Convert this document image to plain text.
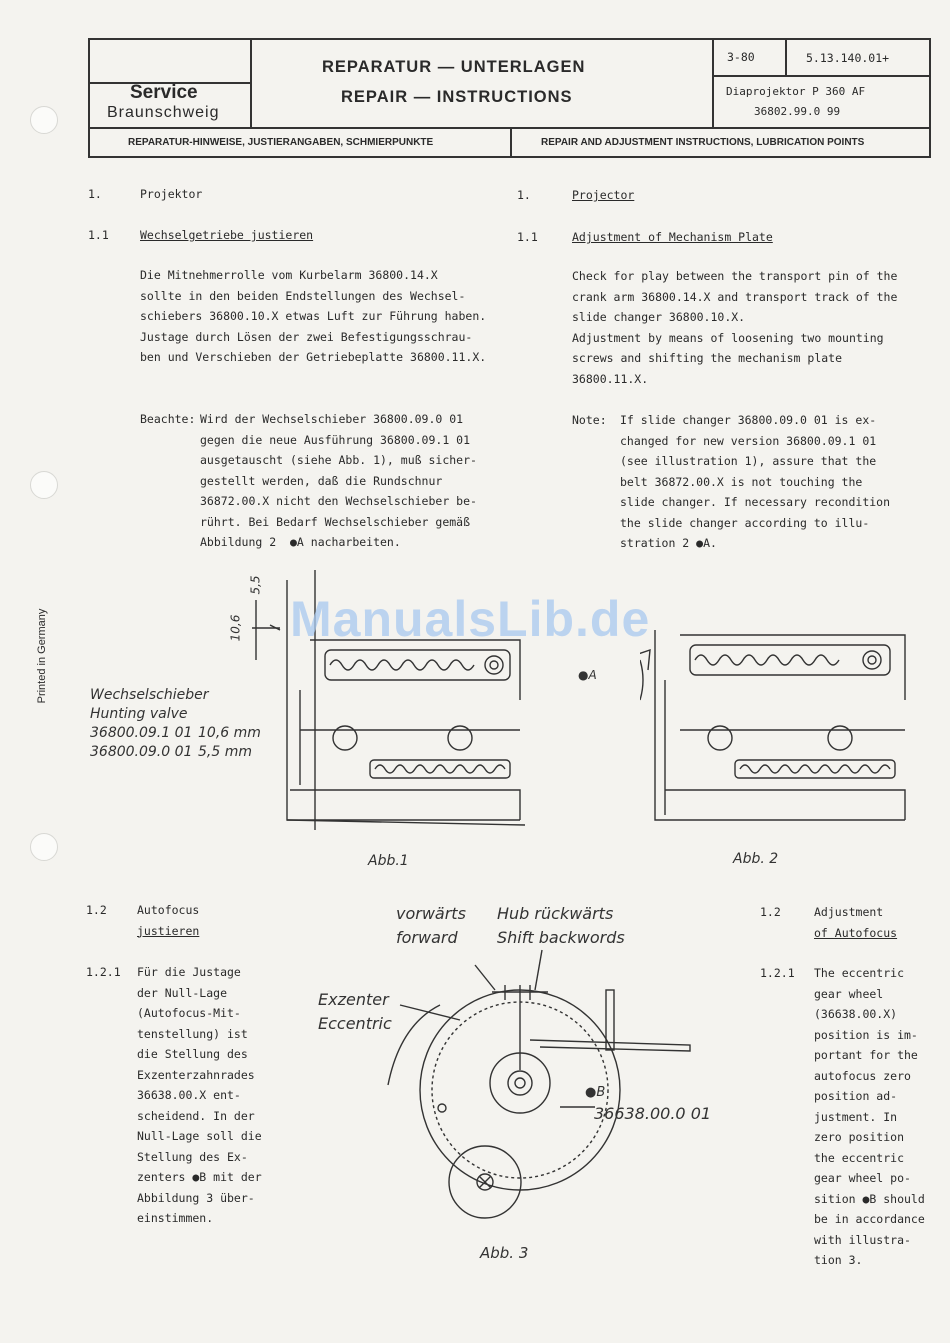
Printed in Germany
Service
Braunschweig
REPARATUR — UNTERLAGEN
REPAIR — INSTRUCTIONS
3-80	5.13.140.01+
Diaprojektor P 360 AF
36802.99.0 99
REPARATUR-HINWEISE, JUSTIERANGABEN, SCHMIERPUNKTE	REPAIR AND ADJUSTMENT INSTRUCTIONS, LUBRICATION POINTS
1.	Projektor
1.1	Wechselgetriebe justieren
Die Mitnehmerrolle vom Kurbelarm 36800.14.X
sollte in den beiden Endstellungen des Wechsel-
schiebers 36800.10.X etwas Luft zur Führung haben.
Justage durch Lösen der zwei Befestigungsschrau-
ben und Verschieben der Getriebeplatte 36800.11.X.
Beachte: Wird der Wechselschieber 36800.09.0 01
gegen die neue Ausführung 36800.09.1 01
ausgetauscht (siehe Abb. 1), muß sicher-
gestellt werden, daß die Rundschnur
36872.00.X nicht den Wechselschieber be-
rührt. Bei Bedarf Wechselschieber gemäß
Abbildung 2  ●A nacharbeiten.
1.	Projector
1.1	Adjustment of Mechanism Plate
Check for play between the transport pin of the
crank arm 36800.14.X and transport track of the
slide changer 36800.10.X.
Adjustment by means of loosening two mounting
screws and shifting the mechanism plate
36800.11.X.
Note: If slide changer 36800.09.0 01 is ex-
changed for new version 36800.09.1 01
(see illustration 1), assure that the
belt 36872.00.X is not touching the
slide changer. If necessary recondition
the slide changer according to illu-
stration 2 ●A.
Wechselschieber
Hunting valve
36800.09.1 01 10,6 mm
36800.09.0 01 5,5 mm
5,5
10,6
Abb.1
●A
Abb. 2
ManualsLib.de
1.2	Autofocus
justieren
1.2.1 Für die Justage
der Null-Lage
(Autofocus-Mit-
tenstellung) ist
die Stellung des
Exzenterzahnrades
36638.00.X ent-
scheidend. In der
Null-Lage soll die
Stellung des Ex-
zenters ●B mit der
Abbildung 3 über-
einstimmen.
1.2	Adjustment
of Autofocus
1.2.1 The eccentric
gear wheel
(36638.00.X)
position is im-
portant for the
autofocus zero
position ad-
justment. In
zero position
the eccentric
gear wheel po-
sition ●B should
be in accordance
with illustra-
tion 3.
vorwärts
forward
Hub rückwärts
Shift backwords
Exzenter
Eccentric
●B
36638.00.0 01
Abb. 3
